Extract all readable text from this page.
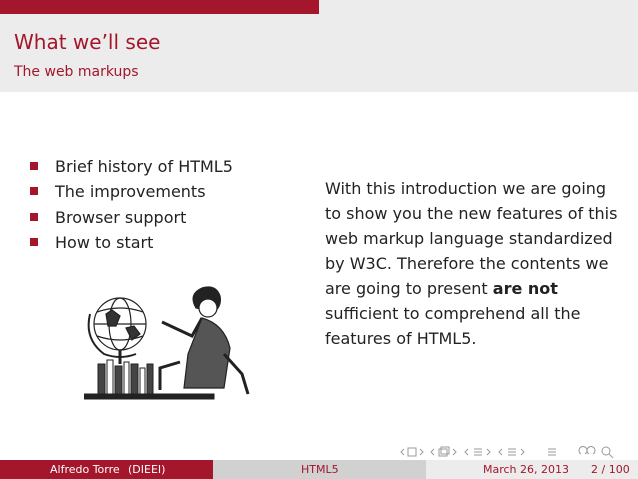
What we’ll see
The web markups
Brief history of HTML5
The improvements
Browser support
How to start
With this introduction we are going to show you the new features of this web markup language standardized by W3C. Therefore the contents we are going to present are not sufficient to comprehend all the features of HTML5.
Alfredo Torre (DIEEI)	HTML5	March 26, 2013 2 / 100
